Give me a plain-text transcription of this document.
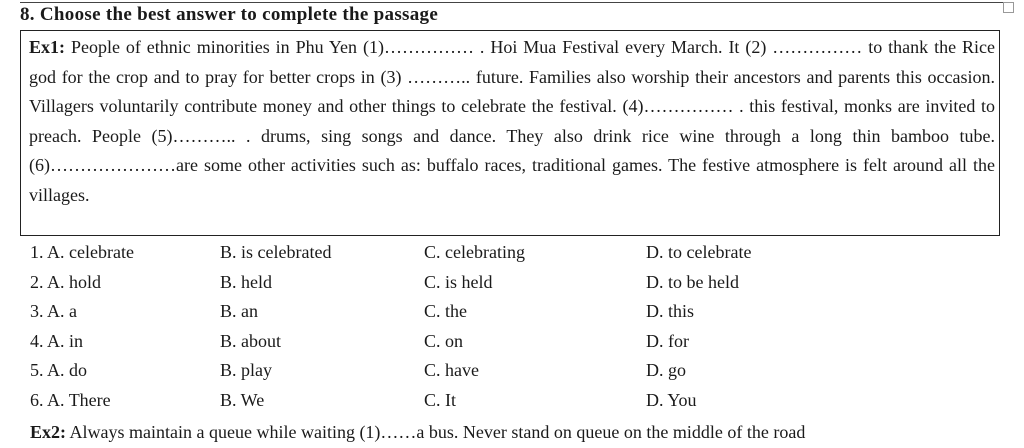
8. Choose the best answer to complete the passage
Ex1: People of ethnic minorities in Phu Yen (1)…………… . Hoi Mua Festival every March. It (2) …………… to thank the Rice god for the crop and to pray for better crops in (3) ……….. future. Families also worship their ancestors and parents this occasion. Villagers voluntarily contribute money and other things to celebrate the festival. (4)…………… . this festival, monks are invited to preach. People (5)……….. . drums, sing songs and dance. They also drink rice wine through a long thin bamboo tube. (6)…………………are some other activities such as: buffalo races, traditional games. The festive atmosphere is felt around all the villages.
1. A. celebrate	B. is celebrated	C. celebrating	D. to celebrate
2. A. hold	B. held	C. is held	D. to be held
3. A. a	B. an	C. the	D. this
4. A. in	B. about	C. on	D. for
5. A. do	B. play	C. have	D. go
6. A. There	B. We	C. It	D. You
Ex2: Always maintain a queue while waiting (1)……a bus. Never stand on queue on the middle of the road
